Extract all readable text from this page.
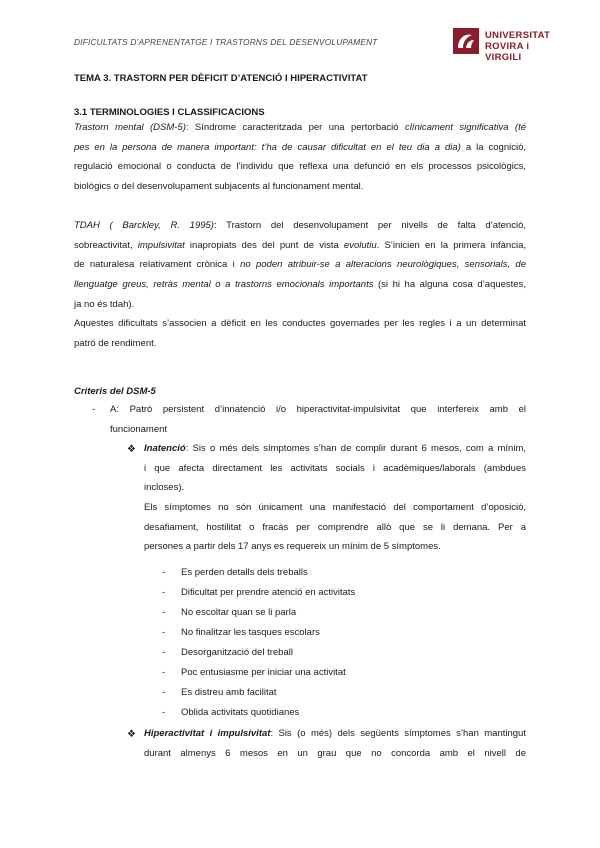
DIFICULTATS D’APRENENTATGE I TRASTORNS DEL DESENVOLUPAMENT
UNIVERSITAT
ROVIRA i VIRGILI
TEMA 3. TRASTORN PER DÈFICIT D’ATENCIÓ I HIPERACTIVITAT
3.1 TERMINOLOGIES I CLASSIFICACIONS
Trastorn mental (DSM-5): Síndrome caracteritzada per una pertorbació clínicament significativa (té
pes en la persona de manera important: t’ha de causar dificultat en el teu dia a dia) a la cognició,
regulació emocional o conducta de l’individu que reflexa una defunció en els processos psicològics,
biològics o del desenvolupament subjacents al funcionament mental.
TDAH ( Barckley, R. 1995): Trastorn del desenvolupament per nivells de falta d’atenció,
sobreactivitat, impulsivitat inapropiats des del punt de vista evolutiu. S’inicien en la primera infància,
de naturalesa relativament crònica i no poden atribuir-se a alteracions neurològiques, sensorials, de
llenguatge greus, retràs mental o a trastorns emocionals importants (si hi ha alguna cosa d’aquestes,
ja no és tdah).
Aquestes dificultats s’associen a dèficit en les conductes governades per les regles i a un determinat
patró de rendiment.
Criteris del DSM-5
- A: Patró persistent d’innatenció i/o hiperactivitat-impulsivitat que interfereix amb el
funcionament
❖ Inatenció: Sis o més dels símptomes s’han de complir durant 6 mesos, com a mínim,
i que afecta directament les activitats socials i acadèmiques/laborals (ambdues
incloses).
Els símptomes no són únicament una manifestació del comportament d’oposició,
desafiament, hostilitat o fracàs per comprendre allò que se li demana. Per a
persones a partir dels 17 anys es requereix un mínim de 5 símptomes.
- Es perden detalls dels treballs
- Dificultat per prendre atenció en activitats
- No escoltar quan se li parla
- No finalitzar les tasques escolars
- Desorganització del treball
- Poc entusiasme per iniciar una activitat
- Es distreu amb facilitat
- Oblida activitats quotidianes
❖ Hiperactivitat i impulsivitat: Sis (o més) dels següents símptomes s’han mantingut
durant almenys 6 mesos en un grau que no concorda amb el nivell de
